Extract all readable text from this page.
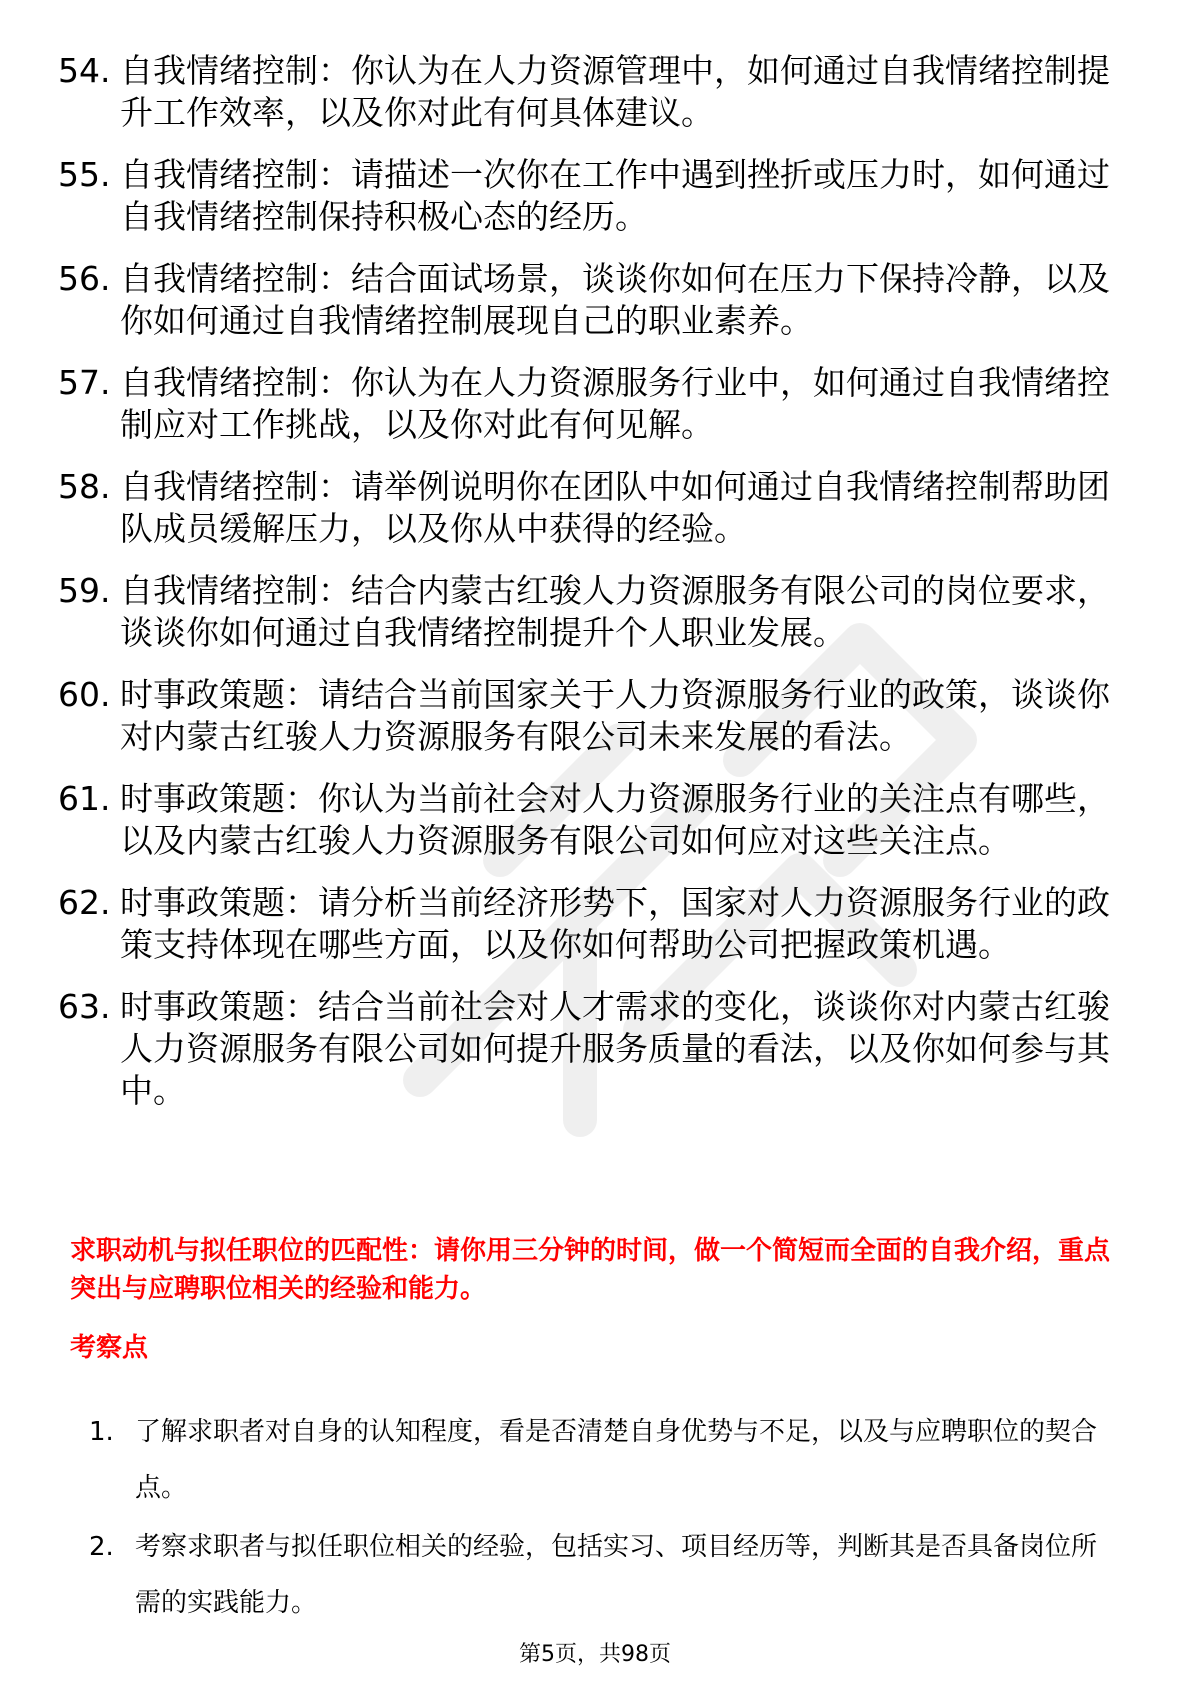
54. 自我情绪控制：你认为在人力资源管理中，如何通过自我情绪控制提升工作效率，以及你对此有何具体建议。
55. 自我情绪控制：请描述一次你在工作中遇到挫折或压力时，如何通过自我情绪控制保持积极心态的经历。
56. 自我情绪控制：结合面试场景，谈谈你如何在压力下保持冷静，以及你如何通过自我情绪控制展现自己的职业素养。
57. 自我情绪控制：你认为在人力资源服务行业中，如何通过自我情绪控制应对工作挑战，以及你对此有何见解。
58. 自我情绪控制：请举例说明你在团队中如何通过自我情绪控制帮助团队成员缓解压力，以及你从中获得的经验。
59. 自我情绪控制：结合内蒙古红骏人力资源服务有限公司的岗位要求，谈谈你如何通过自我情绪控制提升个人职业发展。
60. 时事政策题：请结合当前国家关于人力资源服务行业的政策，谈谈你对内蒙古红骏人力资源服务有限公司未来发展的看法。
61. 时事政策题：你认为当前社会对人力资源服务行业的关注点有哪些，以及内蒙古红骏人力资源服务有限公司如何应对这些关注点。
62. 时事政策题：请分析当前经济形势下，国家对人力资源服务行业的政策支持体现在哪些方面，以及你如何帮助公司把握政策机遇。
63. 时事政策题：结合当前社会对人才需求的变化，谈谈你对内蒙古红骏人力资源服务有限公司如何提升服务质量的看法，以及你如何参与其中。
求职动机与拟任职位的匹配性：请你用三分钟的时间，做一个简短而全面的自我介绍，重点突出与应聘职位相关的经验和能力。
考察点
1. 了解求职者对自身的认知程度，看是否清楚自身优势与不足，以及与应聘职位的契合点。
2. 考察求职者与拟任职位相关的经验，包括实习、项目经历等，判断其是否具备岗位所需的实践能力。
第5页，共98页
